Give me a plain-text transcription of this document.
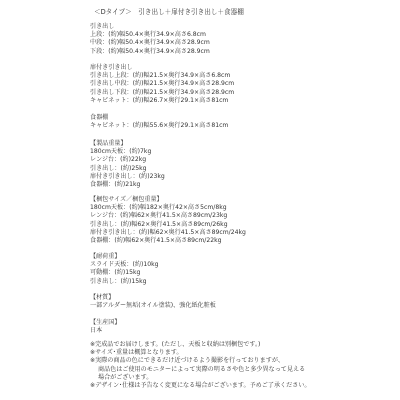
＜Dタイプ＞　引き出し＋扉付き引き出し＋食器棚
引き出し
上段：(約)幅50.4×奥行34.9×高さ6.8cm
中段：(約)幅50.4×奥行34.9×高さ28.9cm
下段：(約)幅50.4×奥行34.9×高さ28.9cm
扉付き引き出し
引き出し上段：(約)幅21.5×奥行34.9×高さ6.8cm
引き出し中段：(約)幅21.5×奥行34.9×高さ28.9cm
引き出し下段：(約)幅21.5×奥行34.9×高さ28.9cm
キャビネット：(約)幅26.7×奥行29.1×高さ81cm
食器棚
キャビネット：(約)幅55.6×奥行29.1×高さ81cm
【製品重量】
180cm天板：(約)7kg
レンジ台：(約)22kg
引き出し：(約)25kg
扉付き引き出し：(約)23kg
食器棚：(約)21kg
【梱包サイズ／梱包重量】
180cm天板：(約)幅182×奥行42×高さ5cm/8kg
レンジ台：(約)幅62×奥行41.5×高さ89cm/23kg
引き出し：(約)幅62×奥行41.5×高さ89cm/26kg
扉付き引き出し：(約)幅62×奥行41.5×高さ89cm/24kg
食器棚：(約)幅62×奥行41.5×高さ89cm/22kg
【耐荷重】
スライド天板：(約)10kg
可動棚：(約)15kg
引き出し：(約)15kg
【材質】
一部アルダー無垢(オイル塗装)、強化紙化粧板
【生産国】
日本
※完成品でお届けします。(ただし、天板と収納は別梱包です。)
※サイズ･重量は概算となります。
※実際の商品の色にできるだけ近づけるよう撮影を行っておりますが、
商品色はご使用のモニターによって実際の明るさや色と多少異なって見える
場合がございます。
※デザイン･仕様は予告なく変更になる場合がございます。予めご了承ください。
